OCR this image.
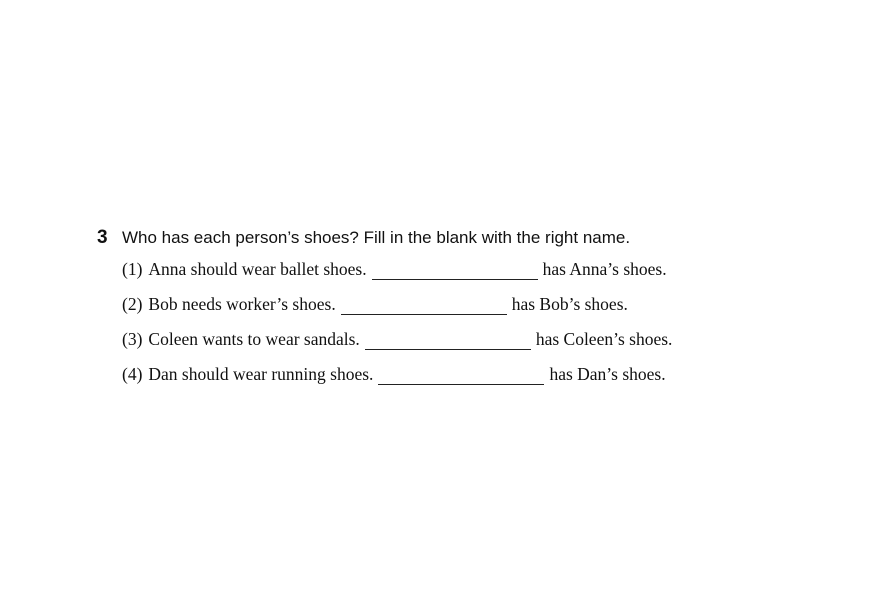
3 Who has each person’s shoes? Fill in the blank with the right name.
(1) Anna should wear ballet shoes.	has Anna’s shoes.
(2) Bob needs worker’s shoes.	has Bob’s shoes.
(3) Coleen wants to wear sandals.	has Coleen’s shoes.
(4) Dan should wear running shoes.	has Dan’s shoes.
